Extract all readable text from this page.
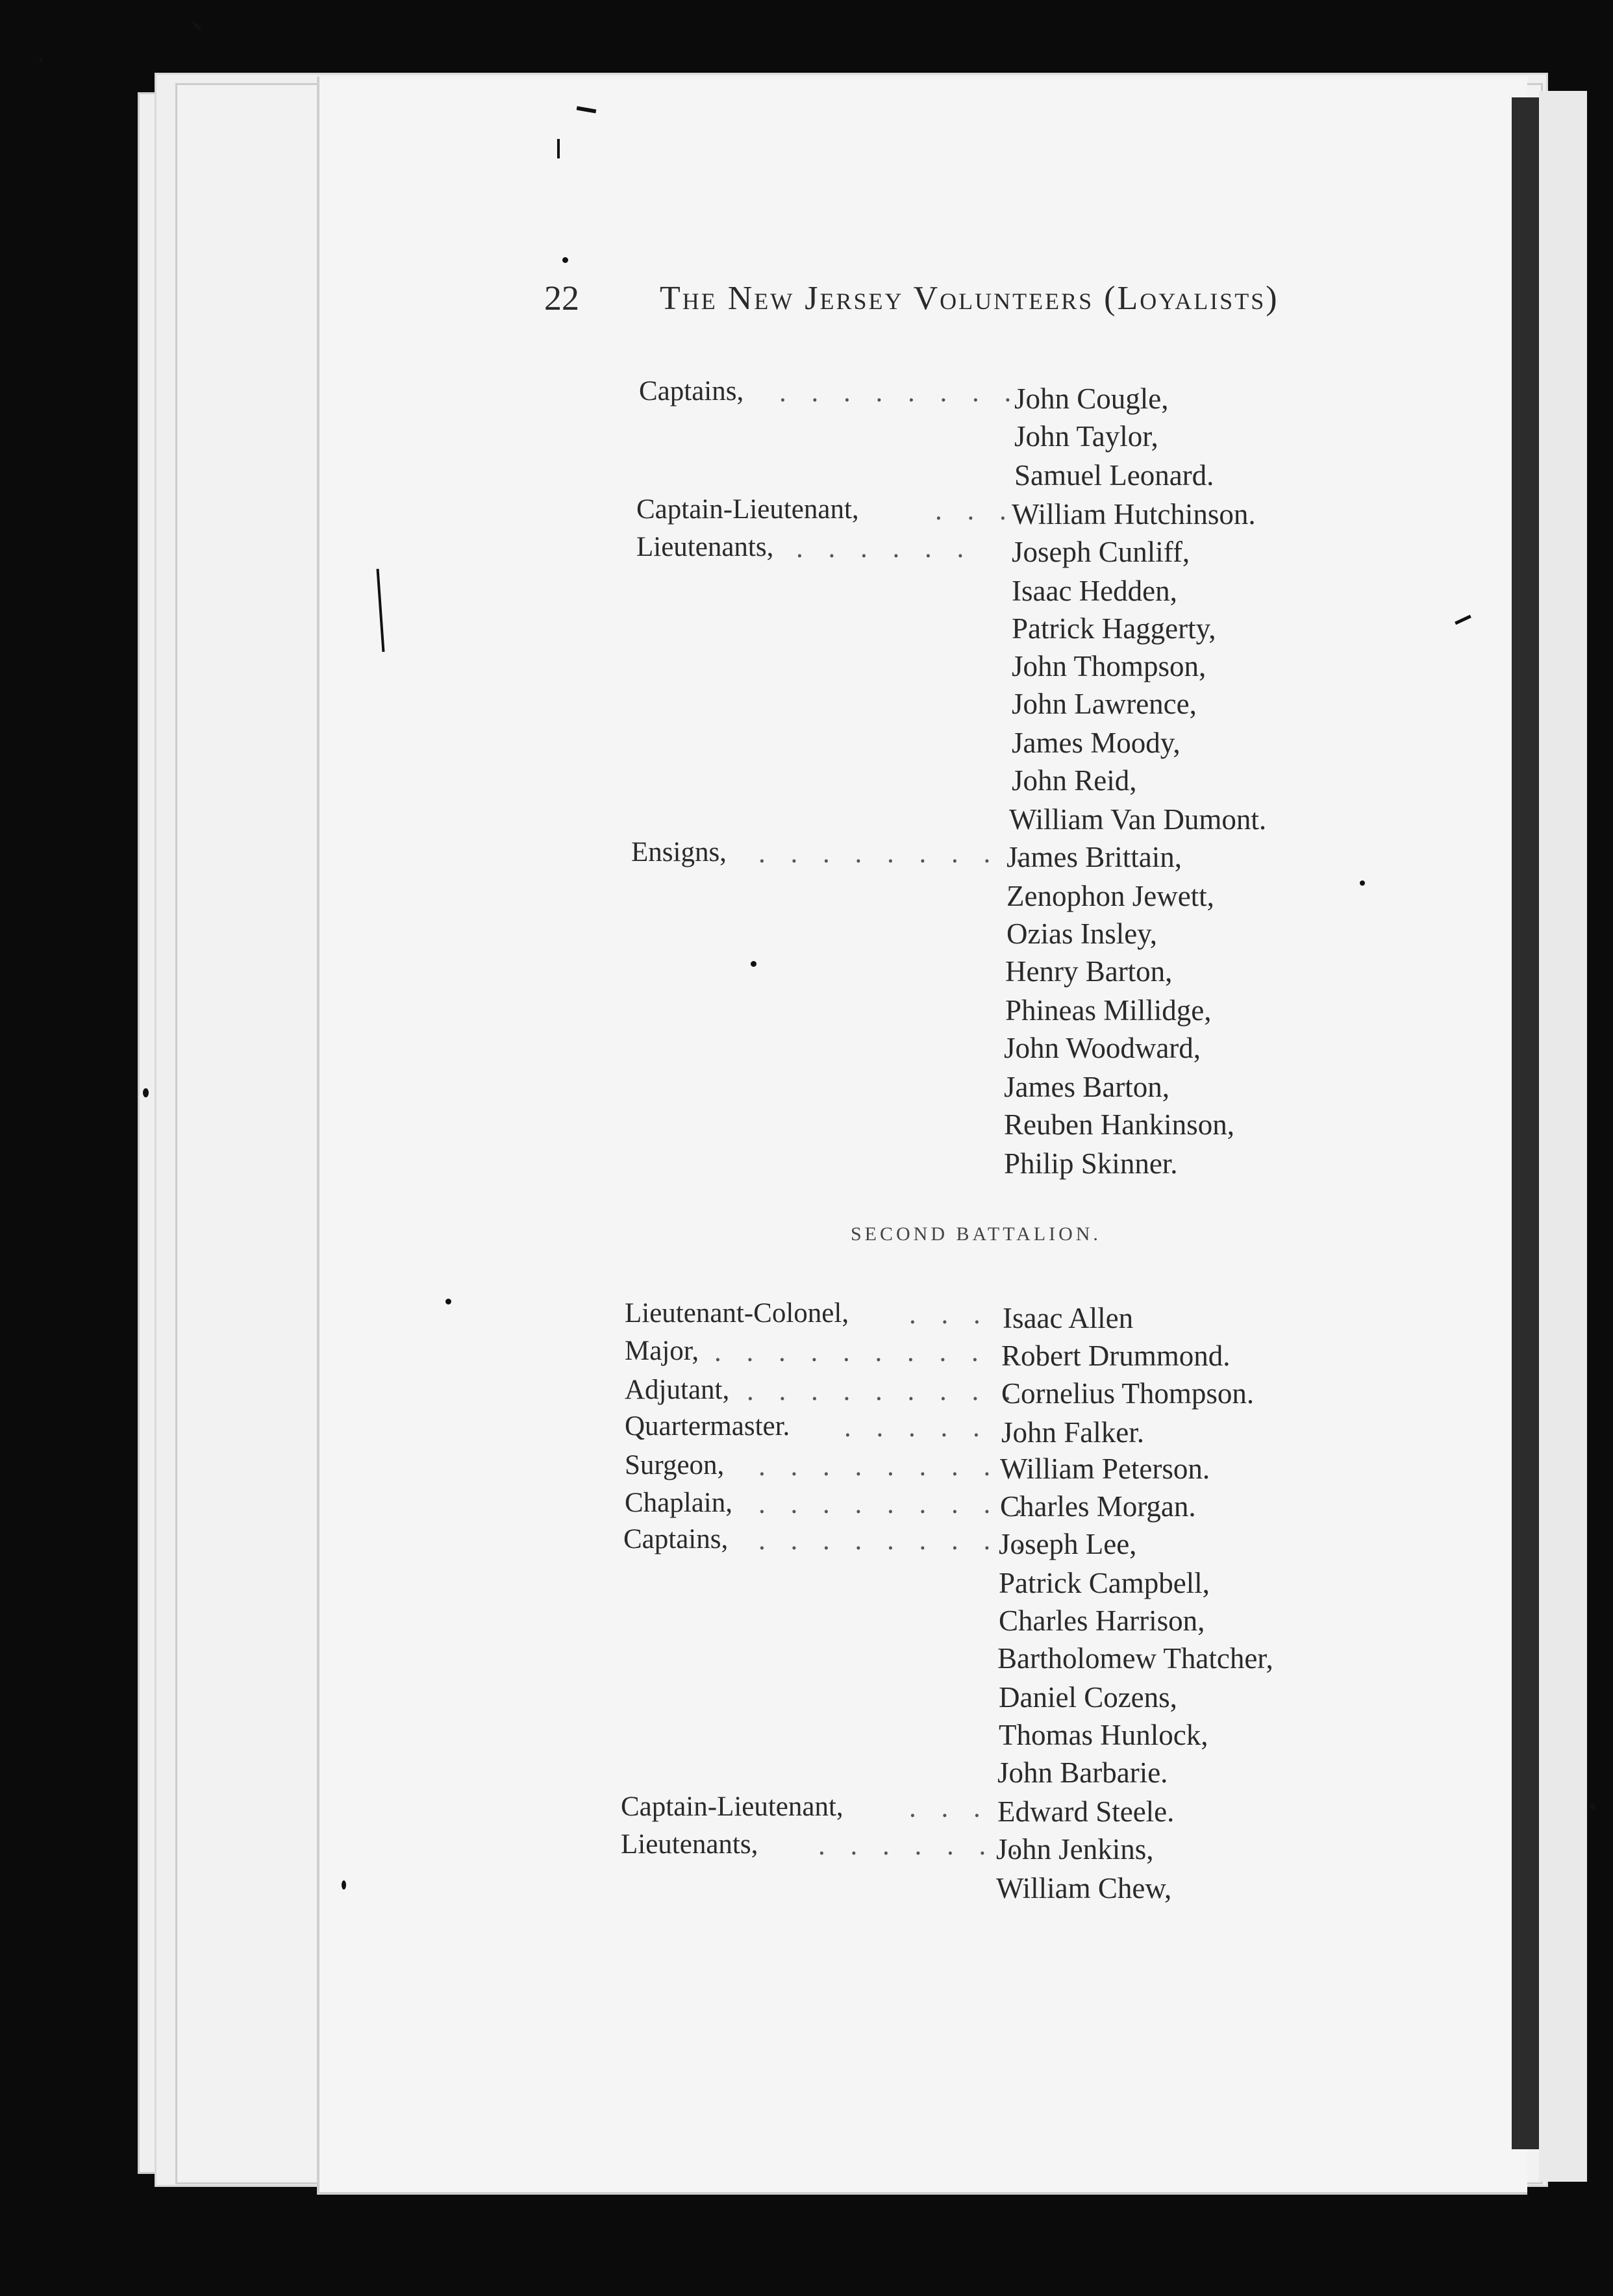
22 The New Jersey Volunteers (Loyalists)
Captains, . . . . . . . .
John Cougle,
John Taylor,
Samuel Leonard.
Captain-Lieutenant,	. . .
William Hutchinson.
Lieutenants, . . . . . . Joseph Cunliff,
Isaac Hedden,
Patrick Haggerty,
John Thompson,
John Lawrence,
James Moody,
John Reid,
William Van Dumont.
Ensigns, . . . . . . . . .
James Brittain,
Zenophon Jewett,
Ozias Insley,
Henry Barton,
Phineas Millidge,
John Woodward,
James Barton,
Reuben Hankinson,
Philip Skinner.
SECOND BATTALION.
Lieutenant-Colonel, . . . Isaac Allen
Major, . . . . . . . . . . .
Robert Drummond.
Adjutant, . . . . . . . . . .
Cornelius Thompson.
Quartermaster. . . . . . .
John Falker.
Surgeon, . . . . . . . . .
William Peterson.
Chaplain, . . . . . . . . .
Charles Morgan.
Captains, . . . . . . . . .
Joseph Lee,
Patrick Campbell,
Charles Harrison,
Bartholomew Thatcher,
Daniel Cozens,
Thomas Hunlock,
John Barbarie.
Captain-Lieutenant, . . . Edward Steele.
Lieutenants, . . . . . . .
John Jenkins,
William Chew,
